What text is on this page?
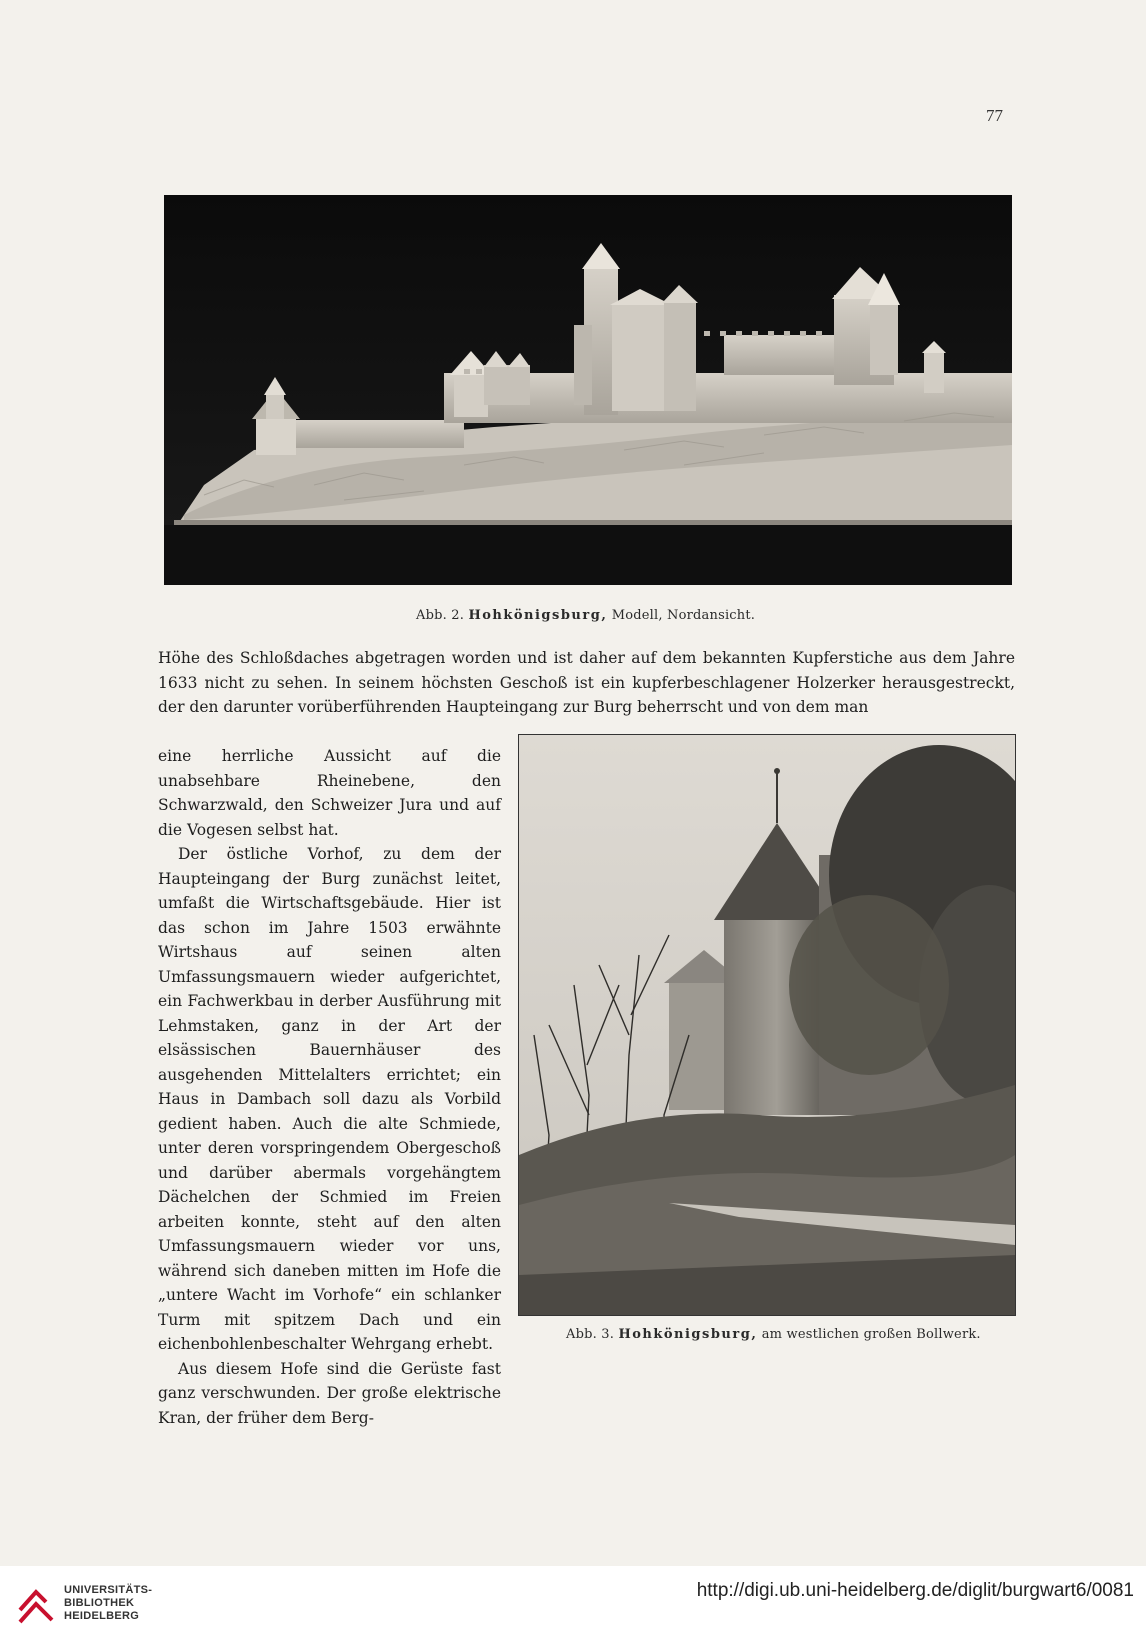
77
Abb. 2. Hohkönigsburg, Modell, Nordansicht.
Höhe des Schloßdaches abgetragen worden und ist daher auf dem bekannten Kupferstiche aus dem Jahre 1633 nicht zu sehen. In seinem höchsten Geschoß ist ein kupferbeschlagener Holzerker herausgestreckt, der den darunter vorüberführenden Haupteingang zur Burg beherrscht und von dem man

eine herrliche Aussicht auf die unabsehbare Rheinebene, den Schwarzwald, den Schweizer Jura und auf die Vogesen selbst hat.

Der östliche Vorhof, zu dem der Haupteingang der Burg zunächst leitet, umfaßt die Wirtschaftsgebäude. Hier ist das schon im Jahre 1503 erwähnte Wirtshaus auf seinen alten Umfassungsmauern wieder aufgerichtet, ein Fachwerkbau in derber Ausführung mit Lehmstaken, ganz in der Art der elsässischen Bauernhäuser des ausgehenden Mittelalters errichtet; ein Haus in Dambach soll dazu als Vorbild gedient haben. Auch die alte Schmiede, unter deren vorspringendem Obergeschoß und darüber abermals vorgehängtem Dächelchen der Schmied im Freien arbeiten konnte, steht auf den alten Umfassungsmauern wieder vor uns, während sich daneben mitten im Hofe die „untere Wacht im Vorhofe“ ein schlanker Turm mit spitzem Dach und ein eichenbohlenbeschalter Wehrgang erhebt.

Aus diesem Hofe sind die Gerüste fast ganz verschwunden. Der große elektrische Kran, der früher dem Berg-

Abb. 3. Hohkönigsburg, am westlichen großen Bollwerk.
UNIVERSITÄTS-
BIBLIOTHEK
HEIDELBERG
http://digi.ub.uni-heidelberg.de/diglit/burgwart6/0081
